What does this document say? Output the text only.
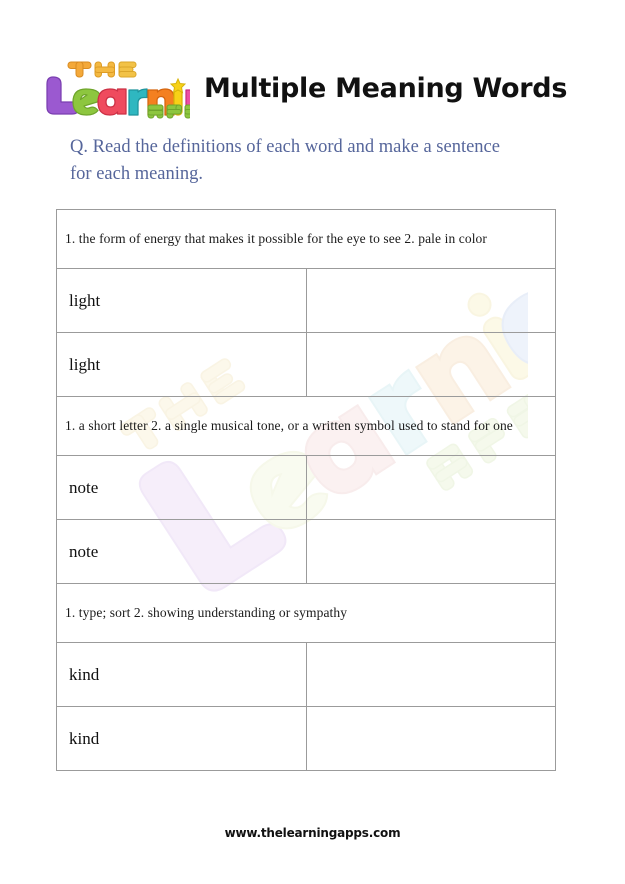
Multiple Meaning Words
Q. Read the definitions of each word and make a sentence for each meaning.
1. the form of energy that makes it possible for the eye to see 2. pale in color	
light	
light	
1. a short letter 2. a single musical tone, or a written symbol used to stand for one	
note	
note	
1. type; sort 2. showing understanding or sympathy	
kind	
kind	
www.thelearningapps.com
